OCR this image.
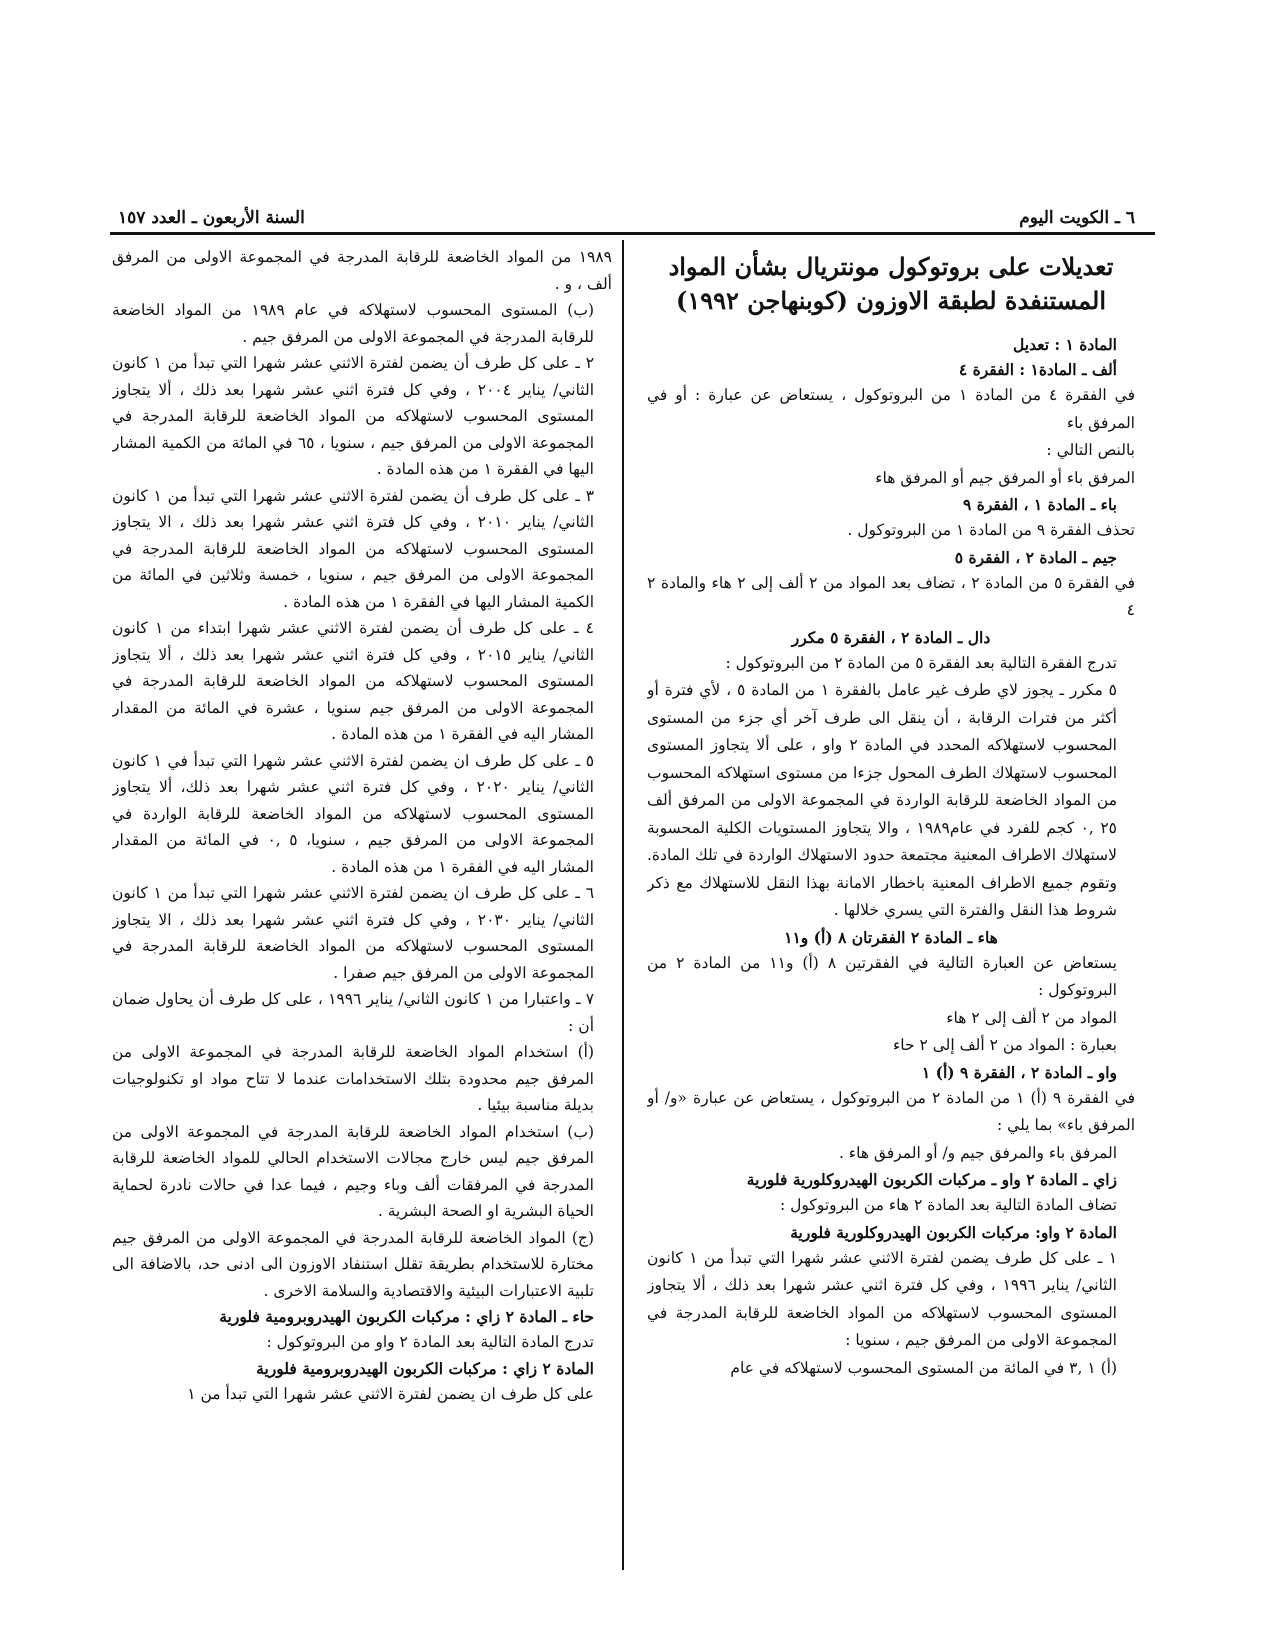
٦ ـ الكويت اليوم
السنة الأربعون ـ العدد ١٥٧
تعديلات على بروتوكول مونتريال بشأن المواد المستنفدة لطبقة الاوزون (كوبنهاجن ١٩٩٢)
المادة ١ : تعديل
ألف ـ المادة١ : الفقرة ٤
في الفقرة ٤ من المادة ١ من البروتوكول ، يستعاض عن عبارة : أو في المرفق باء
بالنص التالي :
المرفق باء أو المرفق جيم أو المرفق هاء
باء ـ المادة ١ ، الفقرة ٩
تحذف الفقرة ٩ من المادة ١ من البروتوكول .
جيم ـ المادة ٢ ، الفقرة ٥
في الفقرة ٥ من المادة ٢ ، تضاف بعد المواد من ٢ ألف إلى ٢ هاء والمادة ٢ ٤
دال ـ المادة ٢ ، الفقرة ٥ مكرر
تدرج الفقرة التالية بعد الفقرة ٥ من المادة ٢ من البروتوكول :
٥ مكرر ـ يجوز لاي طرف غير عامل بالفقرة ١ من المادة ٥ ، لأي فترة أو أكثر من فترات الرقابة ، أن ينقل الى طرف آخر أي جزء من المستوى المحسوب لاستهلاكه المحدد في المادة ٢ واو ، على ألا يتجاوز المستوى المحسوب لاستهلاك الطرف المحول جزءا من مستوى استهلاكه المحسوب من المواد الخاضعة للرقابة الواردة في المجموعة الاولى من المرفق ألف ٢٥ ,٠ كجم للفرد في عام١٩٨٩ ، والا يتجاوز المستويات الكلية المحسوبة لاستهلاك الاطراف المعنية مجتمعة حدود الاستهلاك الواردة في تلك المادة. وتقوم جميع الاطراف المعنية باخطار الامانة بهذا النقل للاستهلاك مع ذكر شروط هذا النقل والفترة التي يسري خلالها .
هاء ـ المادة ٢ الفقرتان ٨ (أ) و١١
يستعاض عن العبارة التالية في الفقرتين ٨ (أ) و١١ من المادة ٢ من البروتوكول :
المواد من ٢ ألف إلى ٢ هاء
بعبارة : المواد من ٢ ألف إلى ٢ حاء
واو ـ المادة ٢ ، الفقرة ٩ (أ) ١
في الفقرة ٩ (أ) ١ من المادة ٢ من البروتوكول ، يستعاض عن عبارة «و/ أو المرفق باء» بما يلي :
المرفق باء والمرفق جيم و/ أو المرفق هاء .
زاي ـ المادة ٢ واو ـ مركبات الكربون الهيدروكلورية فلورية
تضاف المادة التالية بعد المادة ٢ هاء من البروتوكول :
المادة ٢ واو: مركبات الكربون الهيدروكلورية فلورية
١ ـ على كل طرف يضمن لفترة الاثني عشر شهرا التي تبدأ من ١ كانون الثاني/ يناير ١٩٩٦ ، وفي كل فترة اثني عشر شهرا بعد ذلك ، ألا يتجاوز المستوى المحسوب لاستهلاكه من المواد الخاضعة للرقابة المدرجة في المجموعة الاولى من المرفق جيم ، سنويا :
(أ) ١ ,٣ في المائة من المستوى المحسوب لاستهلاكه في عام
١٩٨٩ من المواد الخاضعة للرقابة المدرجة في المجموعة الاولى من المرفق ألف ، و .
(ب) المستوى المحسوب لاستهلاكه في عام ١٩٨٩ من المواد الخاضعة للرقابة المدرجة في المجموعة الاولى من المرفق جيم .
٢ ـ على كل طرف أن يضمن لفترة الاثني عشر شهرا التي تبدأ من ١ كانون الثاني/ يناير ٢٠٠٤ ، وفي كل فترة اثني عشر شهرا بعد ذلك ، ألا يتجاوز المستوى المحسوب لاستهلاكه من المواد الخاضعة للرقابة المدرجة في المجموعة الاولى من المرفق جيم ، سنويا ، ٦٥ في المائة من الكمية المشار اليها في الفقرة ١ من هذه المادة .
٣ ـ على كل طرف أن يضمن لفترة الاثني عشر شهرا التي تبدأ من ١ كانون الثاني/ يناير ٢٠١٠ ، وفي كل فترة اثني عشر شهرا بعد ذلك ، الا يتجاوز المستوى المحسوب لاستهلاكه من المواد الخاضعة للرقابة المدرجة في المجموعة الاولى من المرفق جيم ، سنويا ، خمسة وثلاثين في المائة من الكمية المشار اليها في الفقرة ١ من هذه المادة .
٤ ـ على كل طرف أن يضمن لفترة الاثني عشر شهرا ابتداء من ١ كانون الثاني/ يناير ٢٠١٥ ، وفي كل فترة اثني عشر شهرا بعد ذلك ، ألا يتجاوز المستوى المحسوب لاستهلاكه من المواد الخاضعة للرقابة المدرجة في المجموعة الاولى من المرفق جيم سنويا ، عشرة في المائة من المقدار المشار اليه في الفقرة ١ من هذه المادة .
٥ ـ على كل طرف ان يضمن لفترة الاثني عشر شهرا التي تبدأ في ١ كانون الثاني/ يناير ٢٠٢٠ ، وفي كل فترة اثني عشر شهرا بعد ذلك، ألا يتجاوز المستوى المحسوب لاستهلاكه من المواد الخاضعة للرقابة الواردة في المجموعة الاولى من المرفق جيم ، سنويا، ٥ ,٠ في المائة من المقدار المشار اليه في الفقرة ١ من هذه المادة .
٦ ـ على كل طرف ان يضمن لفترة الاثني عشر شهرا التي تبدأ من ١ كانون الثاني/ يناير ٢٠٣٠ ، وفي كل فترة اثني عشر شهرا بعد ذلك ، الا يتجاوز المستوى المحسوب لاستهلاكه من المواد الخاضعة للرقابة المدرجة في المجموعة الاولى من المرفق جيم صفرا .
٧ ـ واعتبارا من ١ كانون الثاني/ يناير ١٩٩٦ ، على كل طرف أن يحاول ضمان أن :
(أ) استخدام المواد الخاضعة للرقابة المدرجة في المجموعة الاولى من المرفق جيم محدودة بتلك الاستخدامات عندما لا تتاح مواد او تكنولوجيات بديلة مناسبة بيئيا .
(ب) استخدام المواد الخاضعة للرقابة المدرجة في المجموعة الاولى من المرفق جيم ليس خارج مجالات الاستخدام الحالي للمواد الخاضعة للرقابة المدرجة في المرفقات ألف وباء وجيم ، فيما عدا في حالات نادرة لحماية الحياة البشرية او الصحة البشرية .
(ج) المواد الخاضعة للرقابة المدرجة في المجموعة الاولى من المرفق جيم مختارة للاستخدام بطريقة تقلل استنفاد الاوزون الى ادنى حد، بالاضافة الى تلبية الاعتبارات البيئية والاقتصادية والسلامة الاخرى .
حاء ـ المادة ٢ زاي : مركبات الكربون الهيدروبرومية فلورية
تدرج المادة التالية بعد المادة ٢ واو من البروتوكول :
المادة ٢ زاي : مركبات الكربون الهيدروبرومية فلورية
على كل طرف ان يضمن لفترة الاثني عشر شهرا التي تبدأ من ١
